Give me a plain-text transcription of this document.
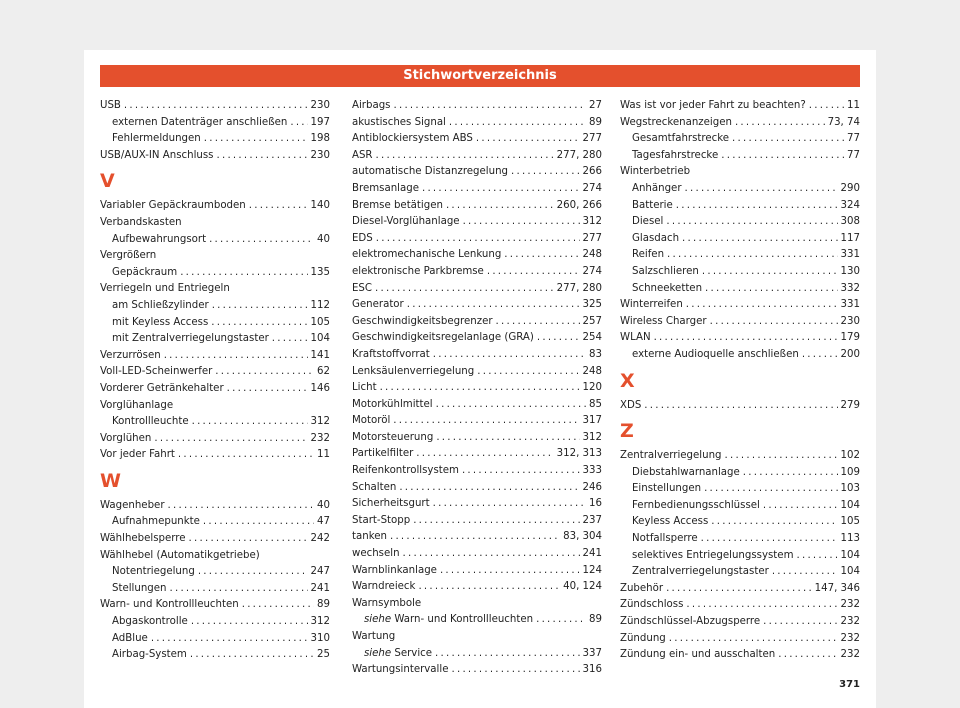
Stichwortverzeichnis
USB . . .	230
externen Datenträger anschließen . . . 197
Fehlermeldungen . . .	198
USB/AUX-IN Anschluss . . .	230
V
Variabler Gepäckraumboden . . .	140
Verbandskasten
Aufbewahrungsort . . .	40
Vergrößern
Gepäckraum . . .	135
Verriegeln und Entriegeln
am Schließzylinder . . .	112
mit Keyless Access . . .	105
mit Zentralverriegelungstaster . . .	104
Verzurrösen . . .	141
Voll-LED-Scheinwerfer . . .	62
Vorderer Getränkehalter . . .	146
Vorglühanlage
Kontrollleuchte . . .	312
Vorglühen . . .	232
Vor jeder Fahrt . . .	11
W
Wagenheber . . .	40
Aufnahmepunkte . . .	47
Wählhebelsperre . . .	242
Wählhebel (Automatikgetriebe)
Notentriegelung . . .	247
Stellungen . . .	241
Warn- und Kontrollleuchten . . .	89
Abgaskontrolle . . .	312
AdBlue . . .	310
Airbag-System . . .	25
Airbags . . .	27
akustisches Signal . . .	89
Antiblockiersystem ABS . . .	277
ASR . . .	277, 280
automatische Distanzregelung . . .	266
Bremsanlage . . .	274
Bremse betätigen . . .	260, 266
Diesel-Vorglühanlage . . .	312
EDS . . .	277
elektromechanische Lenkung . . .	248
elektronische Parkbremse . . .	274
ESC . . .	277, 280
Generator . . .	325
Geschwindigkeitsbegrenzer . . .	257
Geschwindigkeitsregelanlage (GRA) . . .	254
Kraftstoffvorrat . . .	83
Lenksäulenverriegelung . . .	248
Licht . . .	120
Motorkühlmittel . . .	85
Motoröl . . .	317
Motorsteuerung . . .	312
Partikelfilter . . .	312, 313
Reifenkontrollsystem . . .	333
Schalten . . .	246
Sicherheitsgurt . . .	16
Start-Stopp . . .	237
tanken . . .	83, 304
wechseln . . .	241
Warnblinkanlage . . .	124
Warndreieck . . .	40, 124
Warnsymbole
siehe Warn- und Kontrollleuchten . . .	89
Wartung
siehe Service . . .	337
Wartungsintervalle . . .	316
Was ist vor jeder Fahrt zu beachten? . . .	11
Wegstreckenanzeigen . . .	73, 74
Gesamtfahrstrecke . . .	77
Tagesfahrstrecke . . .	77
Winterbetrieb
Anhänger . . .	290
Batterie . . .	324
Diesel . . .	308
Glasdach . . .	117
Reifen . . .	331
Salzschlieren . . .	130
Schneeketten . . .	332
Winterreifen . . .	331
Wireless Charger . . .	230
WLAN . . .	179
externe Audioquelle anschließen . . .	200
X
XDS . . .	279
Z
Zentralverriegelung . . .	102
Diebstahlwarnanlage . . .	109
Einstellungen . . .	103
Fernbedienungsschlüssel . . .	104
Keyless Access . . .	105
Notfallsperre . . .	113
selektives Entriegelungssystem . . .	104
Zentralverriegelungstaster . . .	104
Zubehör . . .	147, 346
Zündschloss . . .	232
Zündschlüssel-Abzugsperre . . .	232
Zündung . . .	232
Zündung ein- und ausschalten . . .	232
371
